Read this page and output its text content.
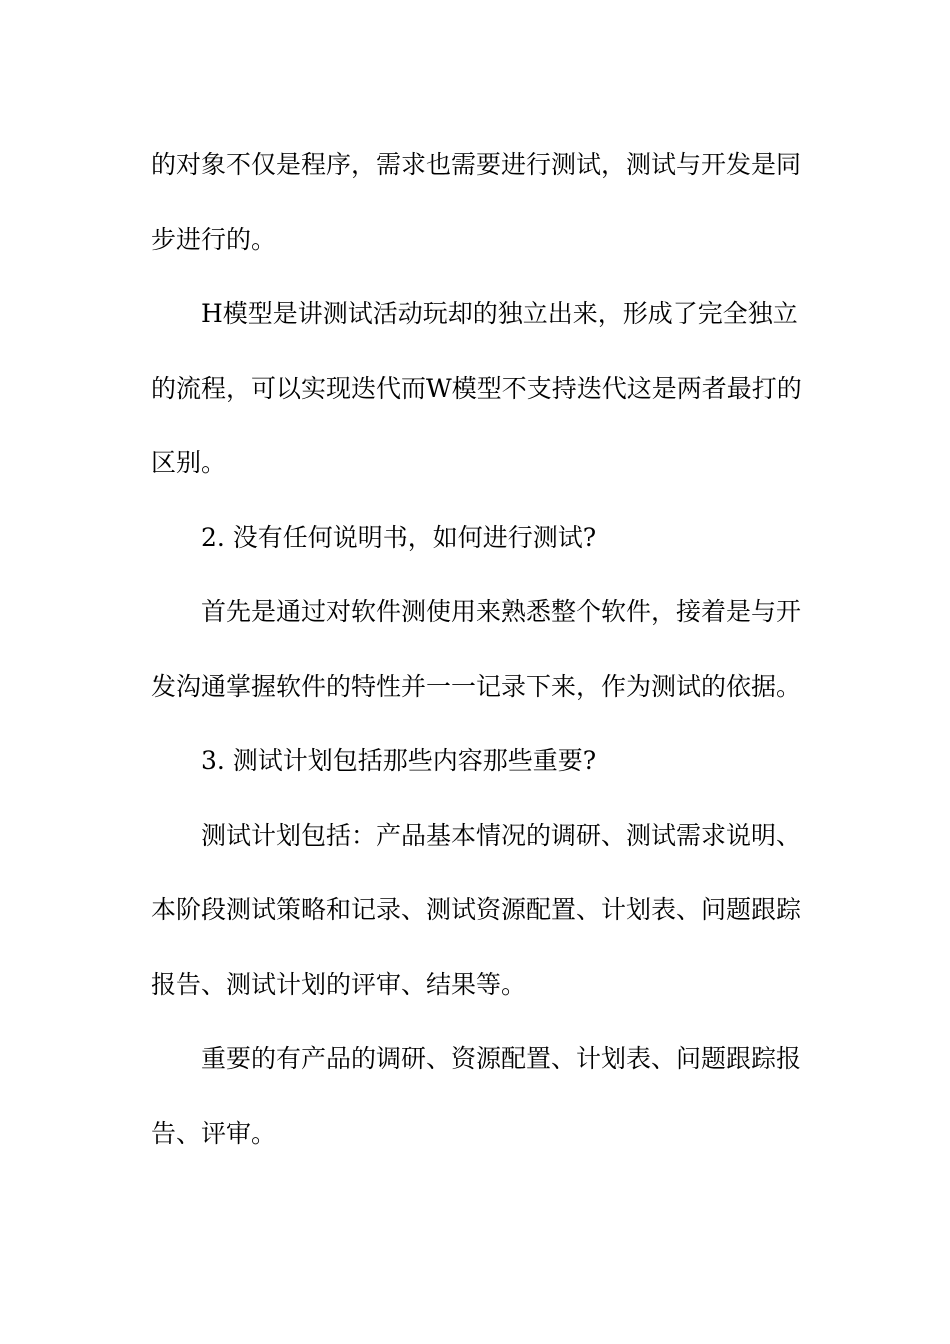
的对象不仅是程序，需求也需要进行测试，测试与开发是同步进行的。

H模型是讲测试活动玩却的独立出来，形成了完全独立的流程，可以实现迭代而W模型不支持迭代这是两者最打的区别。

2. 没有任何说明书，如何进行测试?

首先是通过对软件测使用来熟悉整个软件，接着是与开发沟通掌握软件的特性并一一记录下来，作为测试的依据。

3. 测试计划包括那些内容那些重要?

测试计划包括：产品基本情况的调研、测试需求说明、本阶段测试策略和记录、测试资源配置、计划表、问题跟踪报告、测试计划的评审、结果等。

重要的有产品的调研、资源配置、计划表、问题跟踪报告、评审。
